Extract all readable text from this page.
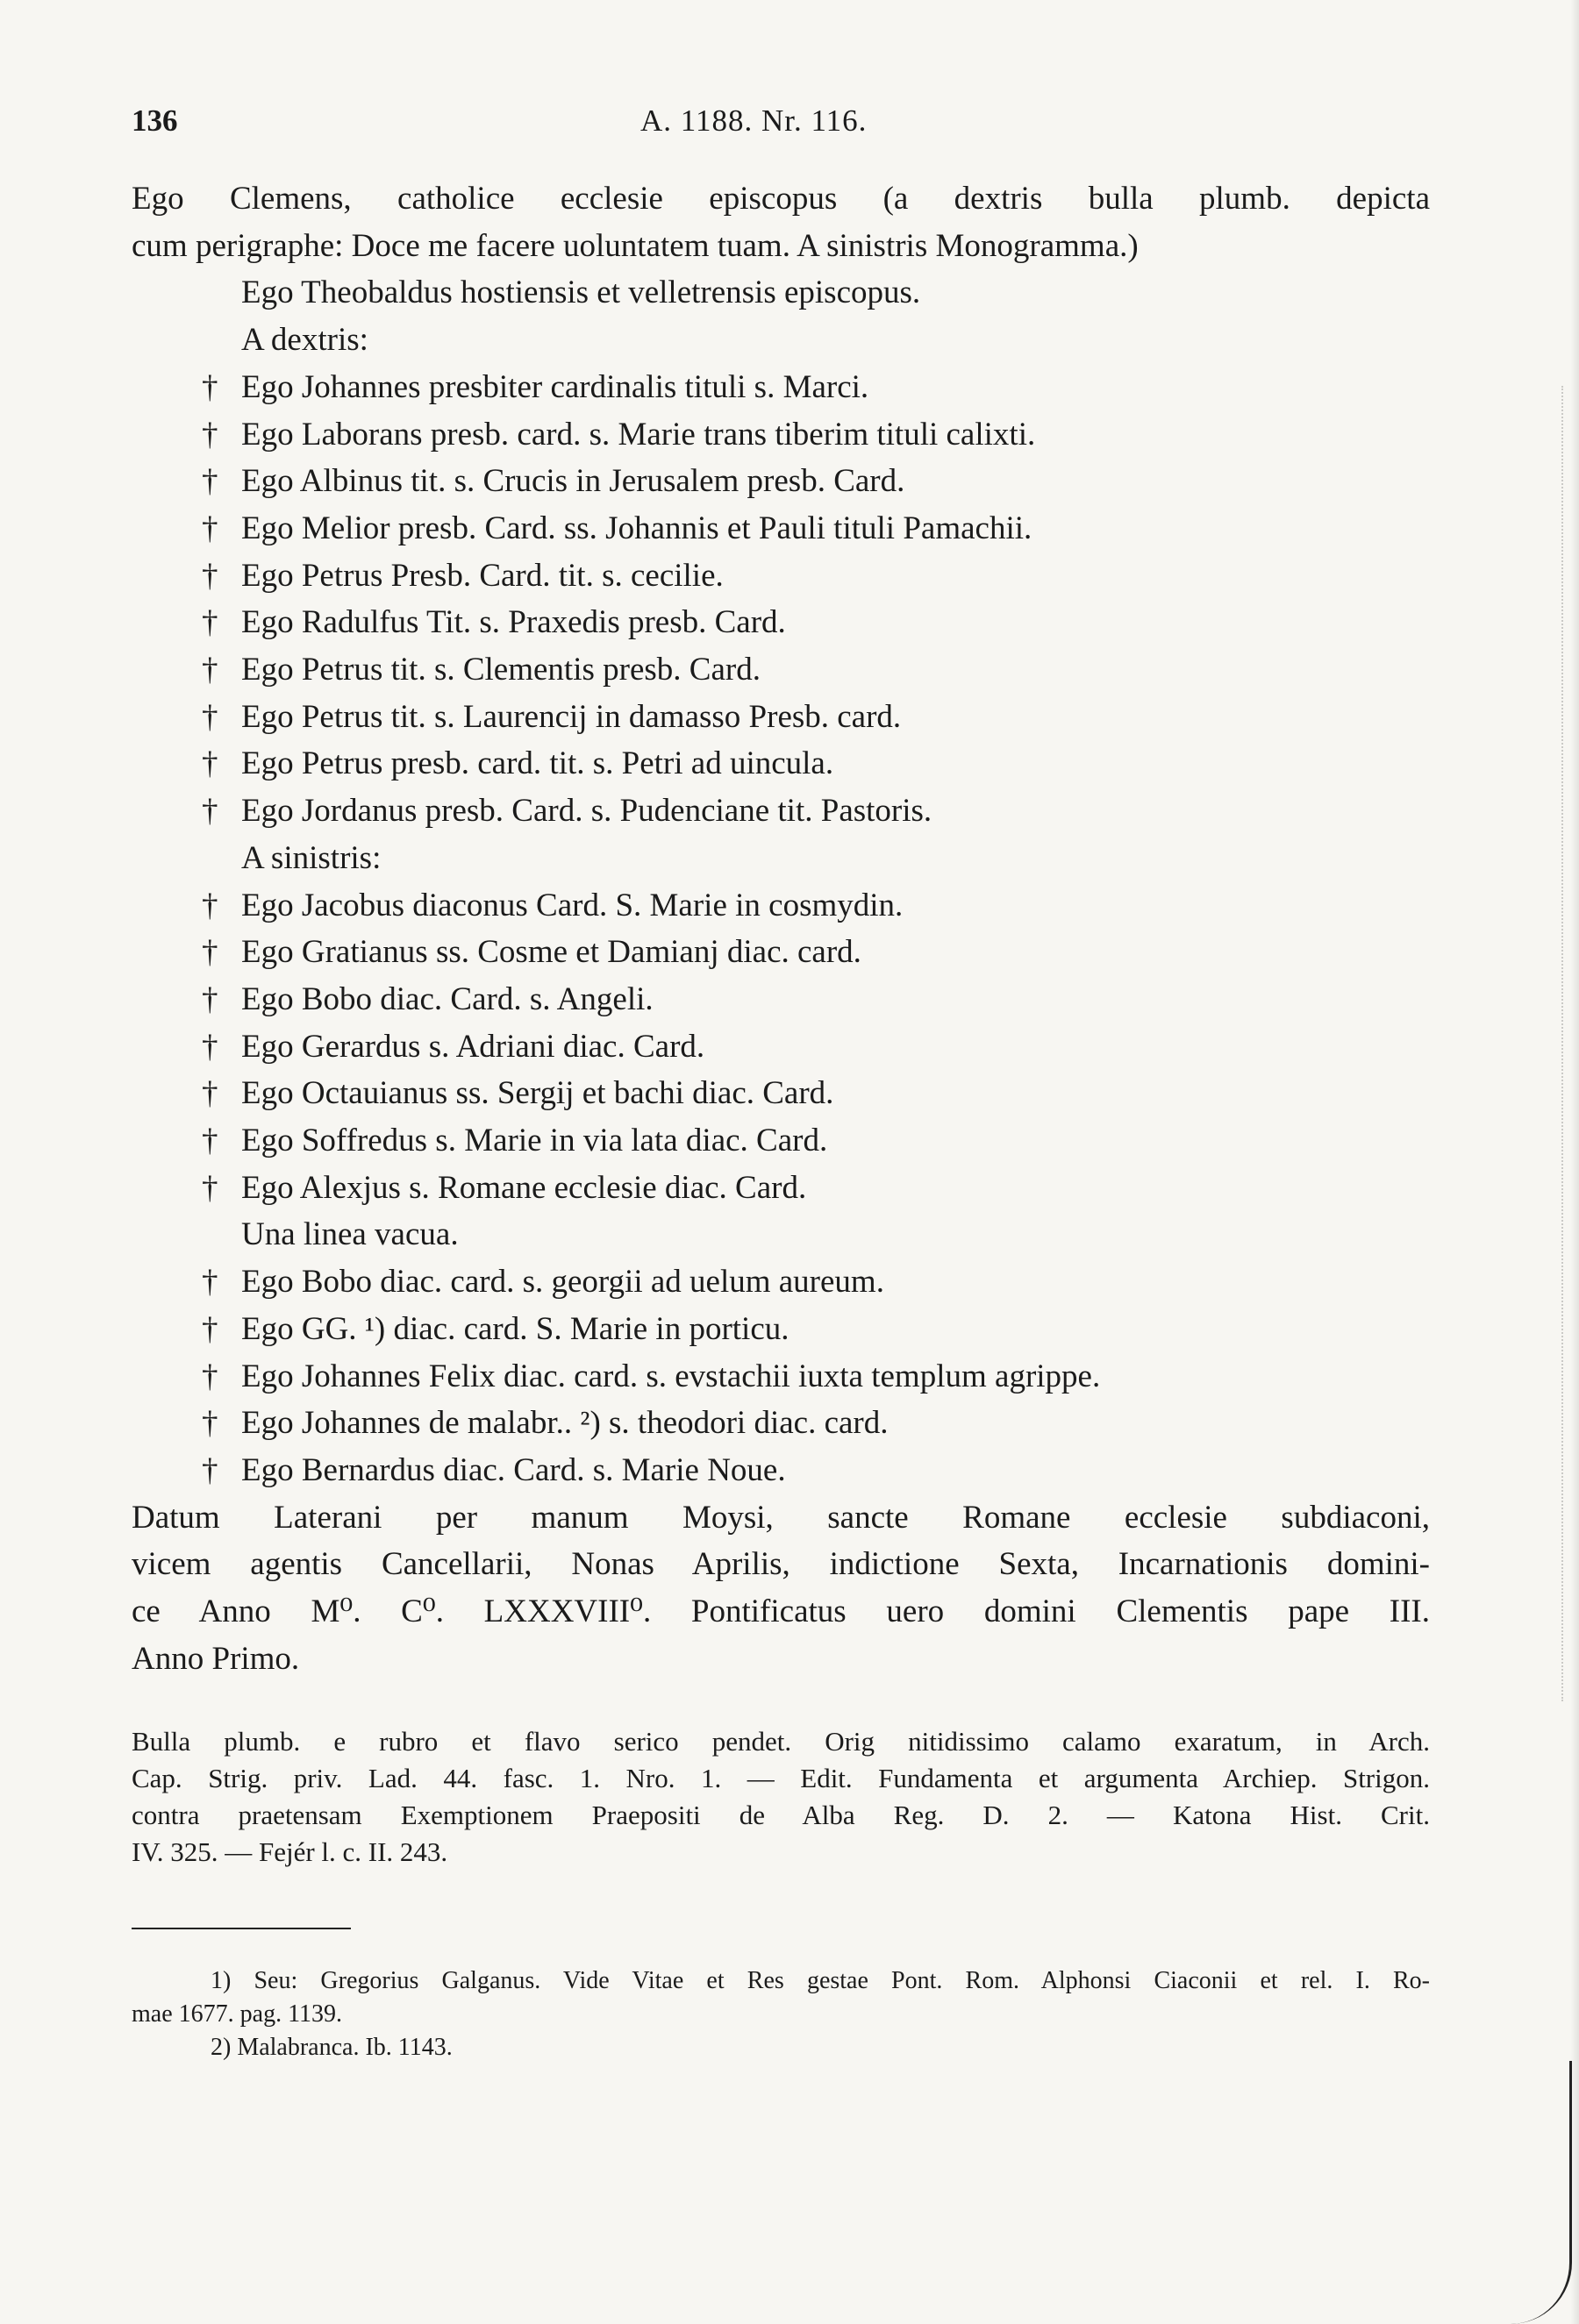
136	A. 1188. Nr. 116.
Ego Clemens, catholice ecclesie episcopus (a dextris bulla plumb. depicta
cum perigraphe: Doce me facere uoluntatem tuam. A sinistris Monogramma.)
Ego Theobaldus hostiensis et velletrensis episcopus.
A dextris:
† Ego Johannes presbiter cardinalis tituli s. Marci.
† Ego Laborans presb. card. s. Marie trans tiberim tituli calixti.
† Ego Albinus tit. s. Crucis in Jerusalem presb. Card.
† Ego Melior presb. Card. ss. Johannis et Pauli tituli Pamachii.
† Ego Petrus Presb. Card. tit. s. cecilie.
† Ego Radulfus Tit. s. Praxedis presb. Card.
† Ego Petrus tit. s. Clementis presb. Card.
† Ego Petrus tit. s. Laurencij in damasso Presb. card.
† Ego Petrus presb. card. tit. s. Petri ad uincula.
† Ego Jordanus presb. Card. s. Pudenciane tit. Pastoris.
A sinistris:
† Ego Jacobus diaconus Card. S. Marie in cosmydin.
† Ego Gratianus ss. Cosme et Damianj diac. card.
† Ego Bobo diac. Card. s. Angeli.
† Ego Gerardus s. Adriani diac. Card.
† Ego Octauianus ss. Sergij et bachi diac. Card.
† Ego Soffredus s. Marie in via lata diac. Card.
† Ego Alexjus s. Romane ecclesie diac. Card.
Una linea vacua.
† Ego Bobo diac. card. s. georgii ad uelum aureum.
† Ego GG. ¹) diac. card. S. Marie in porticu.
† Ego Johannes Felix diac. card. s. evstachii iuxta templum agrippe.
† Ego Johannes de malabr.. ²) s. theodori diac. card.
† Ego Bernardus diac. Card. s. Marie Noue.
Datum Laterani per manum Moysi, sancte Romane ecclesie subdiaconi,
vicem agentis Cancellarii, Nonas Aprilis, indictione Sexta, Incarnationis domini-
ce Anno M⁰. C⁰. LXXXVIII⁰. Pontificatus uero domini Clementis pape III.
Anno Primo.
Bulla plumb. e rubro et flavo serico pendet. Orig nitidissimo calamo exaratum, in Arch.
Cap. Strig. priv. Lad. 44. fasc. 1. Nro. 1. — Edit. Fundamenta et argumenta Archiep. Strigon.
contra praetensam Exemptionem Praepositi de Alba Reg. D. 2. — Katona Hist. Crit.
IV. 325. — Fejér l. c. II. 243.
1) Seu: Gregorius Galganus. Vide Vitae et Res gestae Pont. Rom. Alphonsi Ciaconii et rel. I. Ro-
mae 1677. pag. 1139.
2) Malabranca. Ib. 1143.
